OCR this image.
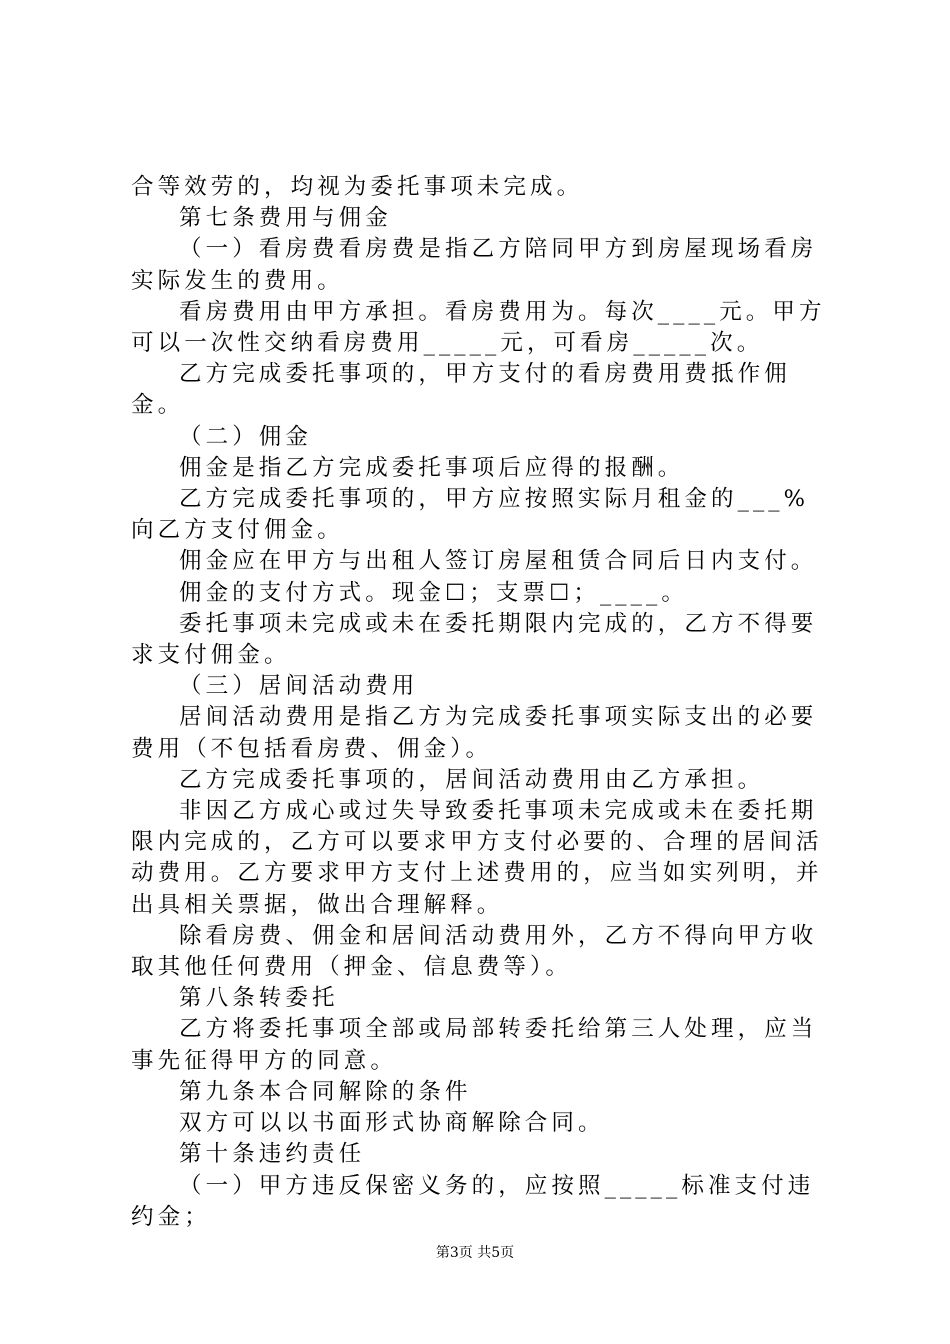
合等效劳的，均视为委托事项未完成。

第七条费用与佣金

（一）看房费看房费是指乙方陪同甲方到房屋现场看房实际发生的费用。

看房费用由甲方承担。看房费用为。每次____元。甲方可以一次性交纳看房费用_____元，可看房_____次。

乙方完成委托事项的，甲方支付的看房费用费抵作佣金。

（二）佣金

佣金是指乙方完成委托事项后应得的报酬。

乙方完成委托事项的，甲方应按照实际月租金的___%向乙方支付佣金。

佣金应在甲方与出租人签订房屋租赁合同后日内支付。

佣金的支付方式。现金☐；支票☐；____。

委托事项未完成或未在委托期限内完成的，乙方不得要求支付佣金。

（三）居间活动费用

居间活动费用是指乙方为完成委托事项实际支出的必要费用（不包括看房费、佣金）。

乙方完成委托事项的，居间活动费用由乙方承担。

非因乙方成心或过失导致委托事项未完成或未在委托期限内完成的，乙方可以要求甲方支付必要的、合理的居间活动费用。乙方要求甲方支付上述费用的，应当如实列明，并出具相关票据，做出合理解释。

除看房费、佣金和居间活动费用外，乙方不得向甲方收取其他任何费用（押金、信息费等）。

第八条转委托

乙方将委托事项全部或局部转委托给第三人处理，应当事先征得甲方的同意。

第九条本合同解除的条件

双方可以以书面形式协商解除合同。

第十条违约责任

（一）甲方违反保密义务的，应按照_____标准支付违约金；

第3页 共5页
